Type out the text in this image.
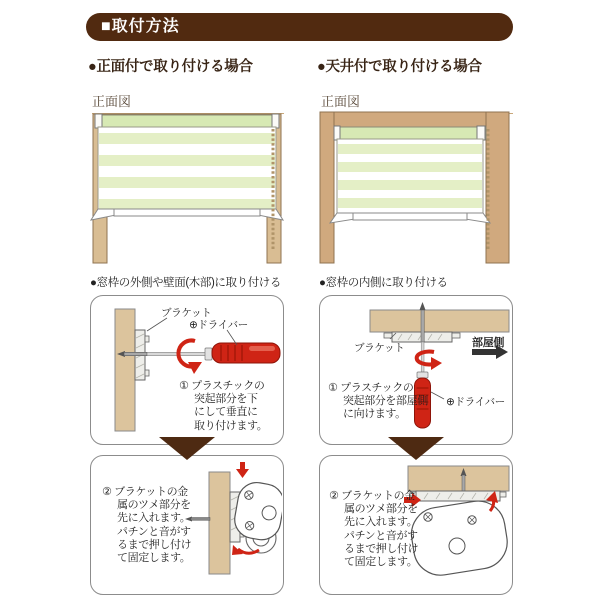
■取付方法
●正面付で取り付ける場合
正面図
●窓枠の外側や壁面(木部)に取り付ける
ブラケット
⊕ドライバー
① プラスチックの
突起部分を下
にして垂直に
取り付けます。
② ブラケットの金
属のツメ部分を
先に入れます。
パチンと音がす
るまで押し付け
て固定します。
●天井付で取り付ける場合
正面図
●窓枠の内側に取り付ける
ブラケット	部屋側
⊕ドライバー
① プラスチックの
突起部分を部屋側
に向けます。
② ブラケットの金
属のツメ部分を
先に入れます。
パチンと音がす
るまで押し付け
て固定します。
